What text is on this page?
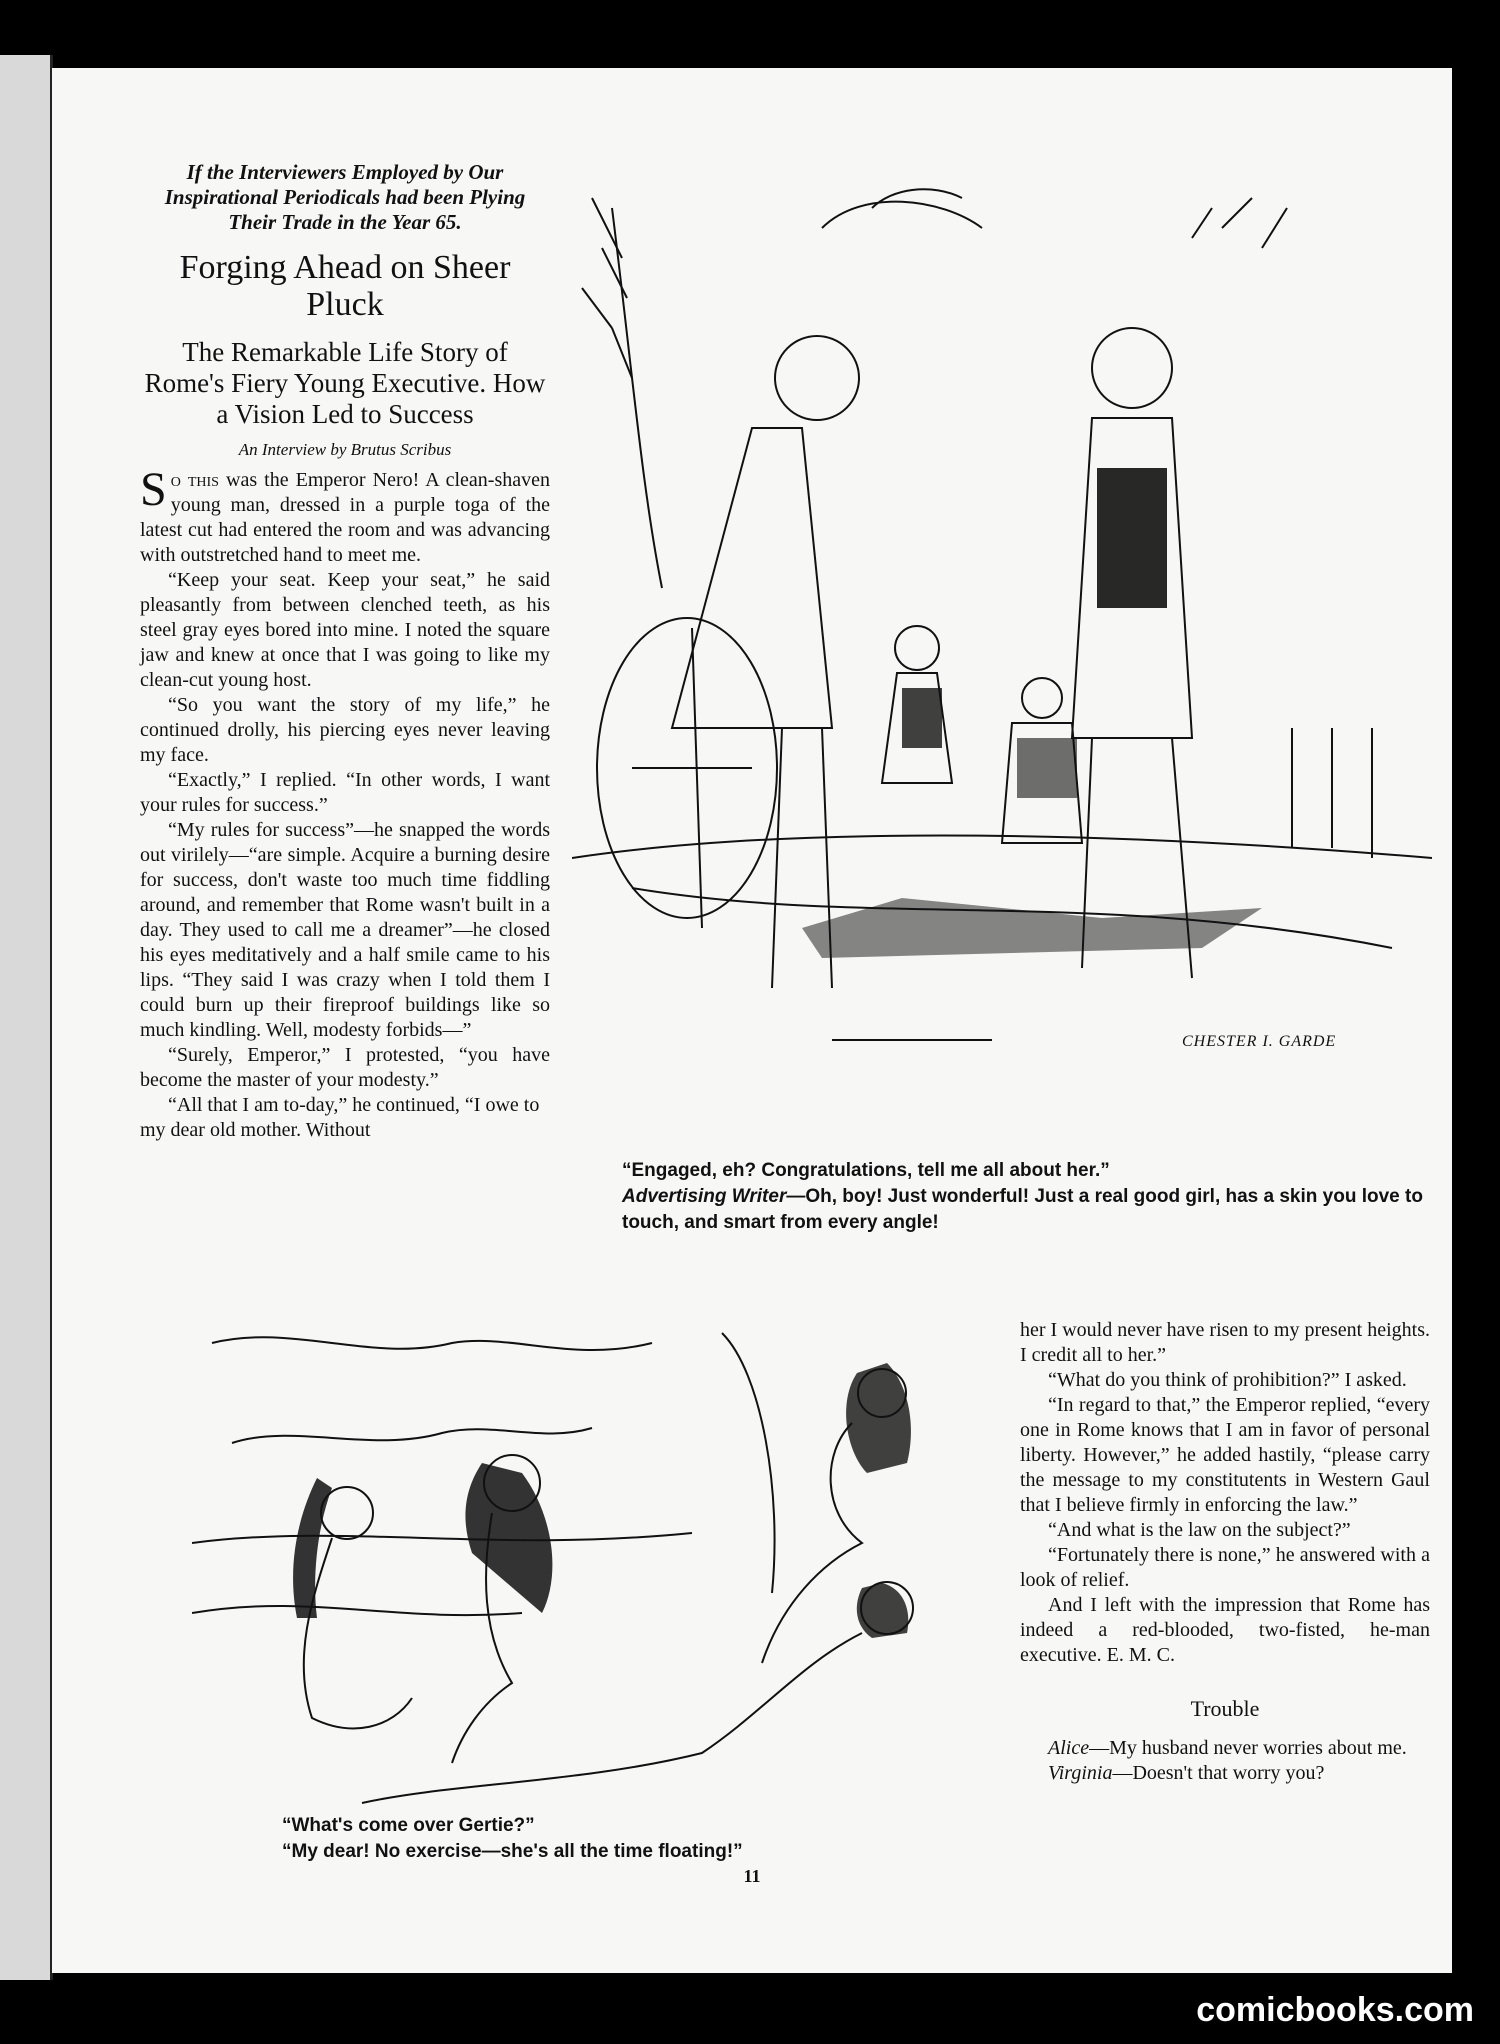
If the Interviewers Employed by Our Inspirational Periodicals had been Plying Their Trade in the Year 65.
Forging Ahead on Sheer Pluck
The Remarkable Life Story of Rome's Fiery Young Executive. How a Vision Led to Success
An Interview by Brutus Scribus

So this was the Emperor Nero! A clean-shaven young man, dressed in a purple toga of the latest cut had entered the room and was advancing with outstretched hand to meet me.

“Keep your seat. Keep your seat,” he said pleasantly from between clenched teeth, as his steel gray eyes bored into mine. I noted the square jaw and knew at once that I was going to like my clean-cut young host.

“So you want the story of my life,” he continued drolly, his piercing eyes never leaving my face.

“Exactly,” I replied. “In other words, I want your rules for success.”

“My rules for success”—he snapped the words out virilely—“are simple. Acquire a burning desire for success, don't waste too much time fiddling around, and remember that Rome wasn't built in a day. They used to call me a dreamer”—he closed his eyes meditatively and a half smile came to his lips. “They said I was crazy when I told them I could burn up their fireproof buildings like so much kindling. Well, modesty forbids—”

“Surely, Emperor,” I protested, “you have become the master of your modesty.”

“All that I am to-day,” he continued, “I owe to my dear old mother. Without

CHESTER I. GARDE
“Engaged, eh? Congratulations, tell me all about her.”
Advertising Writer—Oh, boy! Just wonderful! Just a real good girl, has a skin you love to touch, and smart from every angle!
“What's come over Gertie?”
“My dear! No exercise—she's all the time floating!”

her I would never have risen to my present heights. I credit all to her.”

“What do you think of prohibition?” I asked.

“In regard to that,” the Emperor replied, “every one in Rome knows that I am in favor of personal liberty. However,” he added hastily, “please carry the message to my constitutents in Western Gaul that I believe firmly in enforcing the law.”

“And what is the law on the subject?”

“Fortunately there is none,” he answered with a look of relief.

And I left with the impression that Rome has indeed a red-blooded, two-fisted, he-man executive. E. M. C.

Trouble

Alice—My husband never worries about me.

Virginia—Doesn't that worry you?

11
comicbooks.com
